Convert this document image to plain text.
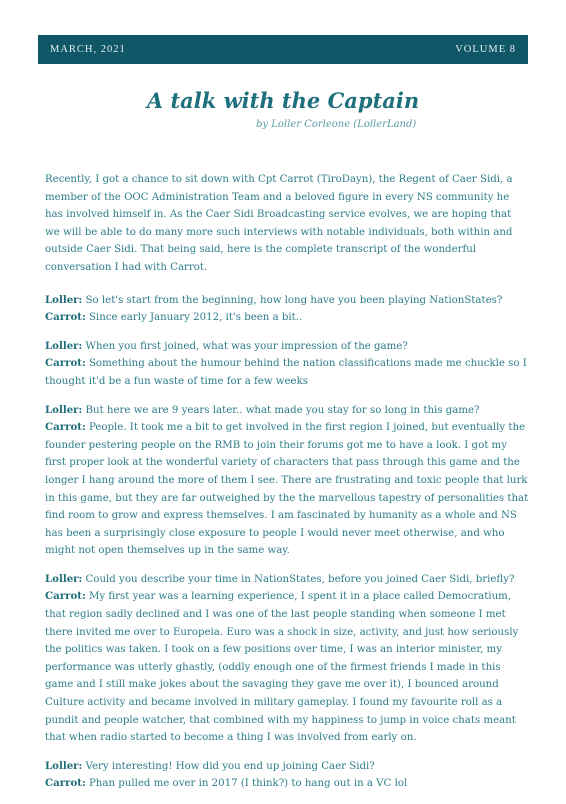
MARCH, 2021	VOLUME 8
A talk with the Captain

by Loller Corleone (LollerLand)

Recently, I got a chance to sit down with Cpt Carrot (TiroDayn), the Regent of Caer Sidi, a member of the OOC Administration Team and a beloved figure in every NS community he has involved himself in. As the Caer Sidi Broadcasting service evolves, we are hoping that we will be able to do many more such interviews with notable individuals, both within and outside Caer Sidi. That being said, here is the complete transcript of the wonderful conversation I had with Carrot.

Loller: So let's start from the beginning, how long have you been playing NationStates?

Carrot: Since early January 2012, it's been a bit..

Loller: When you first joined, what was your impression of the game?

Carrot: Something about the humour behind the nation classifications made me chuckle so I thought it'd be a fun waste of time for a few weeks

Loller: But here we are 9 years later.. what made you stay for so long in this game?

Carrot: People. It took me a bit to get involved in the first region I joined, but eventually the founder pestering people on the RMB to join their forums got me to have a look. I got my first proper look at the wonderful variety of characters that pass through this game and the longer I hang around the more of them I see. There are frustrating and toxic people that lurk in this game, but they are far outweighed by the the marvellous tapestry of personalities that find room to grow and express themselves. I am fascinated by humanity as a whole and NS has been a surprisingly close exposure to people I would never meet otherwise, and who might not open themselves up in the same way.

Loller: Could you describe your time in NationStates, before you joined Caer Sidi, briefly?

Carrot: My first year was a learning experience, I spent it in a place called Democratium, that region sadly declined and I was one of the last people standing when someone I met there invited me over to Europeia. Euro was a shock in size, activity, and just how seriously the politics was taken. I took on a few positions over time, I was an interior minister, my performance was utterly ghastly, (oddly enough one of the firmest friends I made in this game and I still make jokes about the savaging they gave me over it), I bounced around Culture activity and became involved in military gameplay. I found my favourite roll as a pundit and people watcher, that combined with my happiness to jump in voice chats meant that when radio started to become a thing I was involved from early on.

Loller: Very interesting! How did you end up joining Caer Sidi?

Carrot: Phan pulled me over in 2017 (I think?) to hang out in a VC lol
